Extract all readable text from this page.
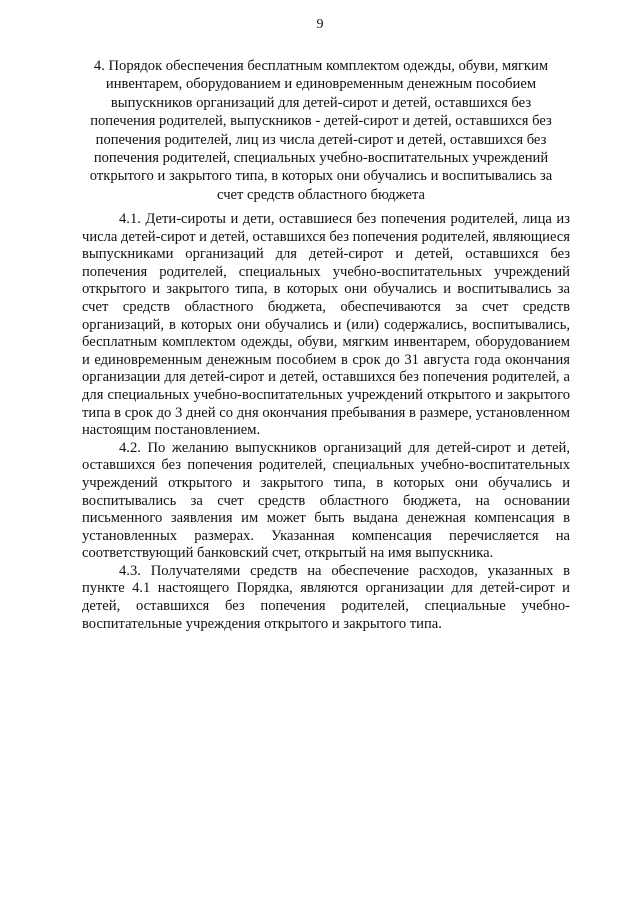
9
4. Порядок обеспечения бесплатным комплектом одежды, обуви, мягким инвентарем, оборудованием и единовременным денежным пособием выпускников организаций для детей-сирот и детей, оставшихся без попечения родителей, выпускников - детей-сирот и детей, оставшихся без попечения родителей, лиц из числа детей-сирот и детей, оставшихся без попечения родителей, специальных учебно-воспитательных учреждений открытого и закрытого типа, в которых они обучались и воспитывались за счет средств областного бюджета

4.1. Дети-сироты и дети, оставшиеся без попечения родителей, лица из числа детей-сирот и детей, оставшихся без попечения родителей, являющиеся выпускниками организаций для детей-сирот и детей, оставшихся без попечения родителей, специальных учебно-воспитательных учреждений открытого и закрытого типа, в которых они обучались и воспитывались за счет средств областного бюджета, обеспечиваются за счет средств организаций, в которых они обучались и (или) содержались, воспитывались, бесплатным комплектом одежды, обуви, мягким инвентарем, оборудованием и единовременным денежным пособием в срок до 31 августа года окончания организации для детей-сирот и детей, оставшихся без попечения родителей, а для специальных учебно-воспитательных учреждений открытого и закрытого типа в срок до 3 дней со дня окончания пребывания в размере, установленном настоящим постановлением.

4.2. По желанию выпускников организаций для детей-сирот и детей, оставшихся без попечения родителей, специальных учебно-воспитательных учреждений открытого и закрытого типа, в которых они обучались и воспитывались за счет средств областного бюджета, на основании письменного заявления им может быть выдана денежная компенсация в установленных размерах. Указанная компенсация перечисляется на соответствующий банковский счет, открытый на имя выпускника.

4.3. Получателями средств на обеспечение расходов, указанных в пункте 4.1 настоящего Порядка, являются организации для детей-сирот и детей, оставшихся без попечения родителей, специальные учебно-воспитательные учреждения открытого и закрытого типа.
